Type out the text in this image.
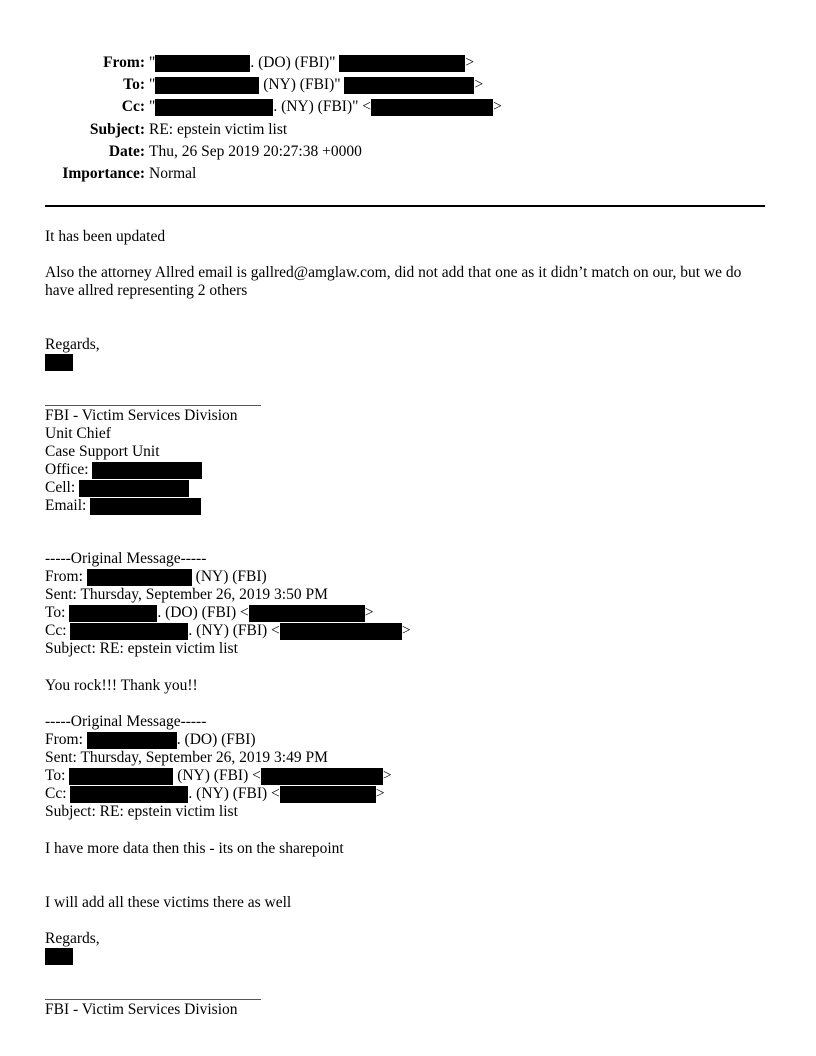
From: "	. (DO) (FBI)"	>
To: "	(NY) (FBI)"	>
Cc: "	. (NY) (FBI)" <	>
Subject: RE: epstein victim list
Date: Thu, 26 Sep 2019 20:27:38 +0000
Importance: Normal
It has been updated
Also the attorney Allred email is gallred@amglaw.com, did not add that one as it didn’t match on our, but we do have allred representing 2 others
Regards,
FBI - Victim Services Division
Unit Chief
Case Support Unit
Office:
Cell:
Email:
-----Original Message-----
From:	(NY) (FBI)
Sent: Thursday, September 26, 2019 3:50 PM
To:	. (DO) (FBI) <	>
Cc:	. (NY) (FBI) <	>
Subject: RE: epstein victim list
You rock!!! Thank you!!
-----Original Message-----
From:	. (DO) (FBI)
Sent: Thursday, September 26, 2019 3:49 PM
To:	(NY) (FBI) <	>
Cc:	. (NY) (FBI) <	>
Subject: RE: epstein victim list
I have more data then this - its on the sharepoint
I will add all these victims there as well
Regards,
FBI - Victim Services Division
